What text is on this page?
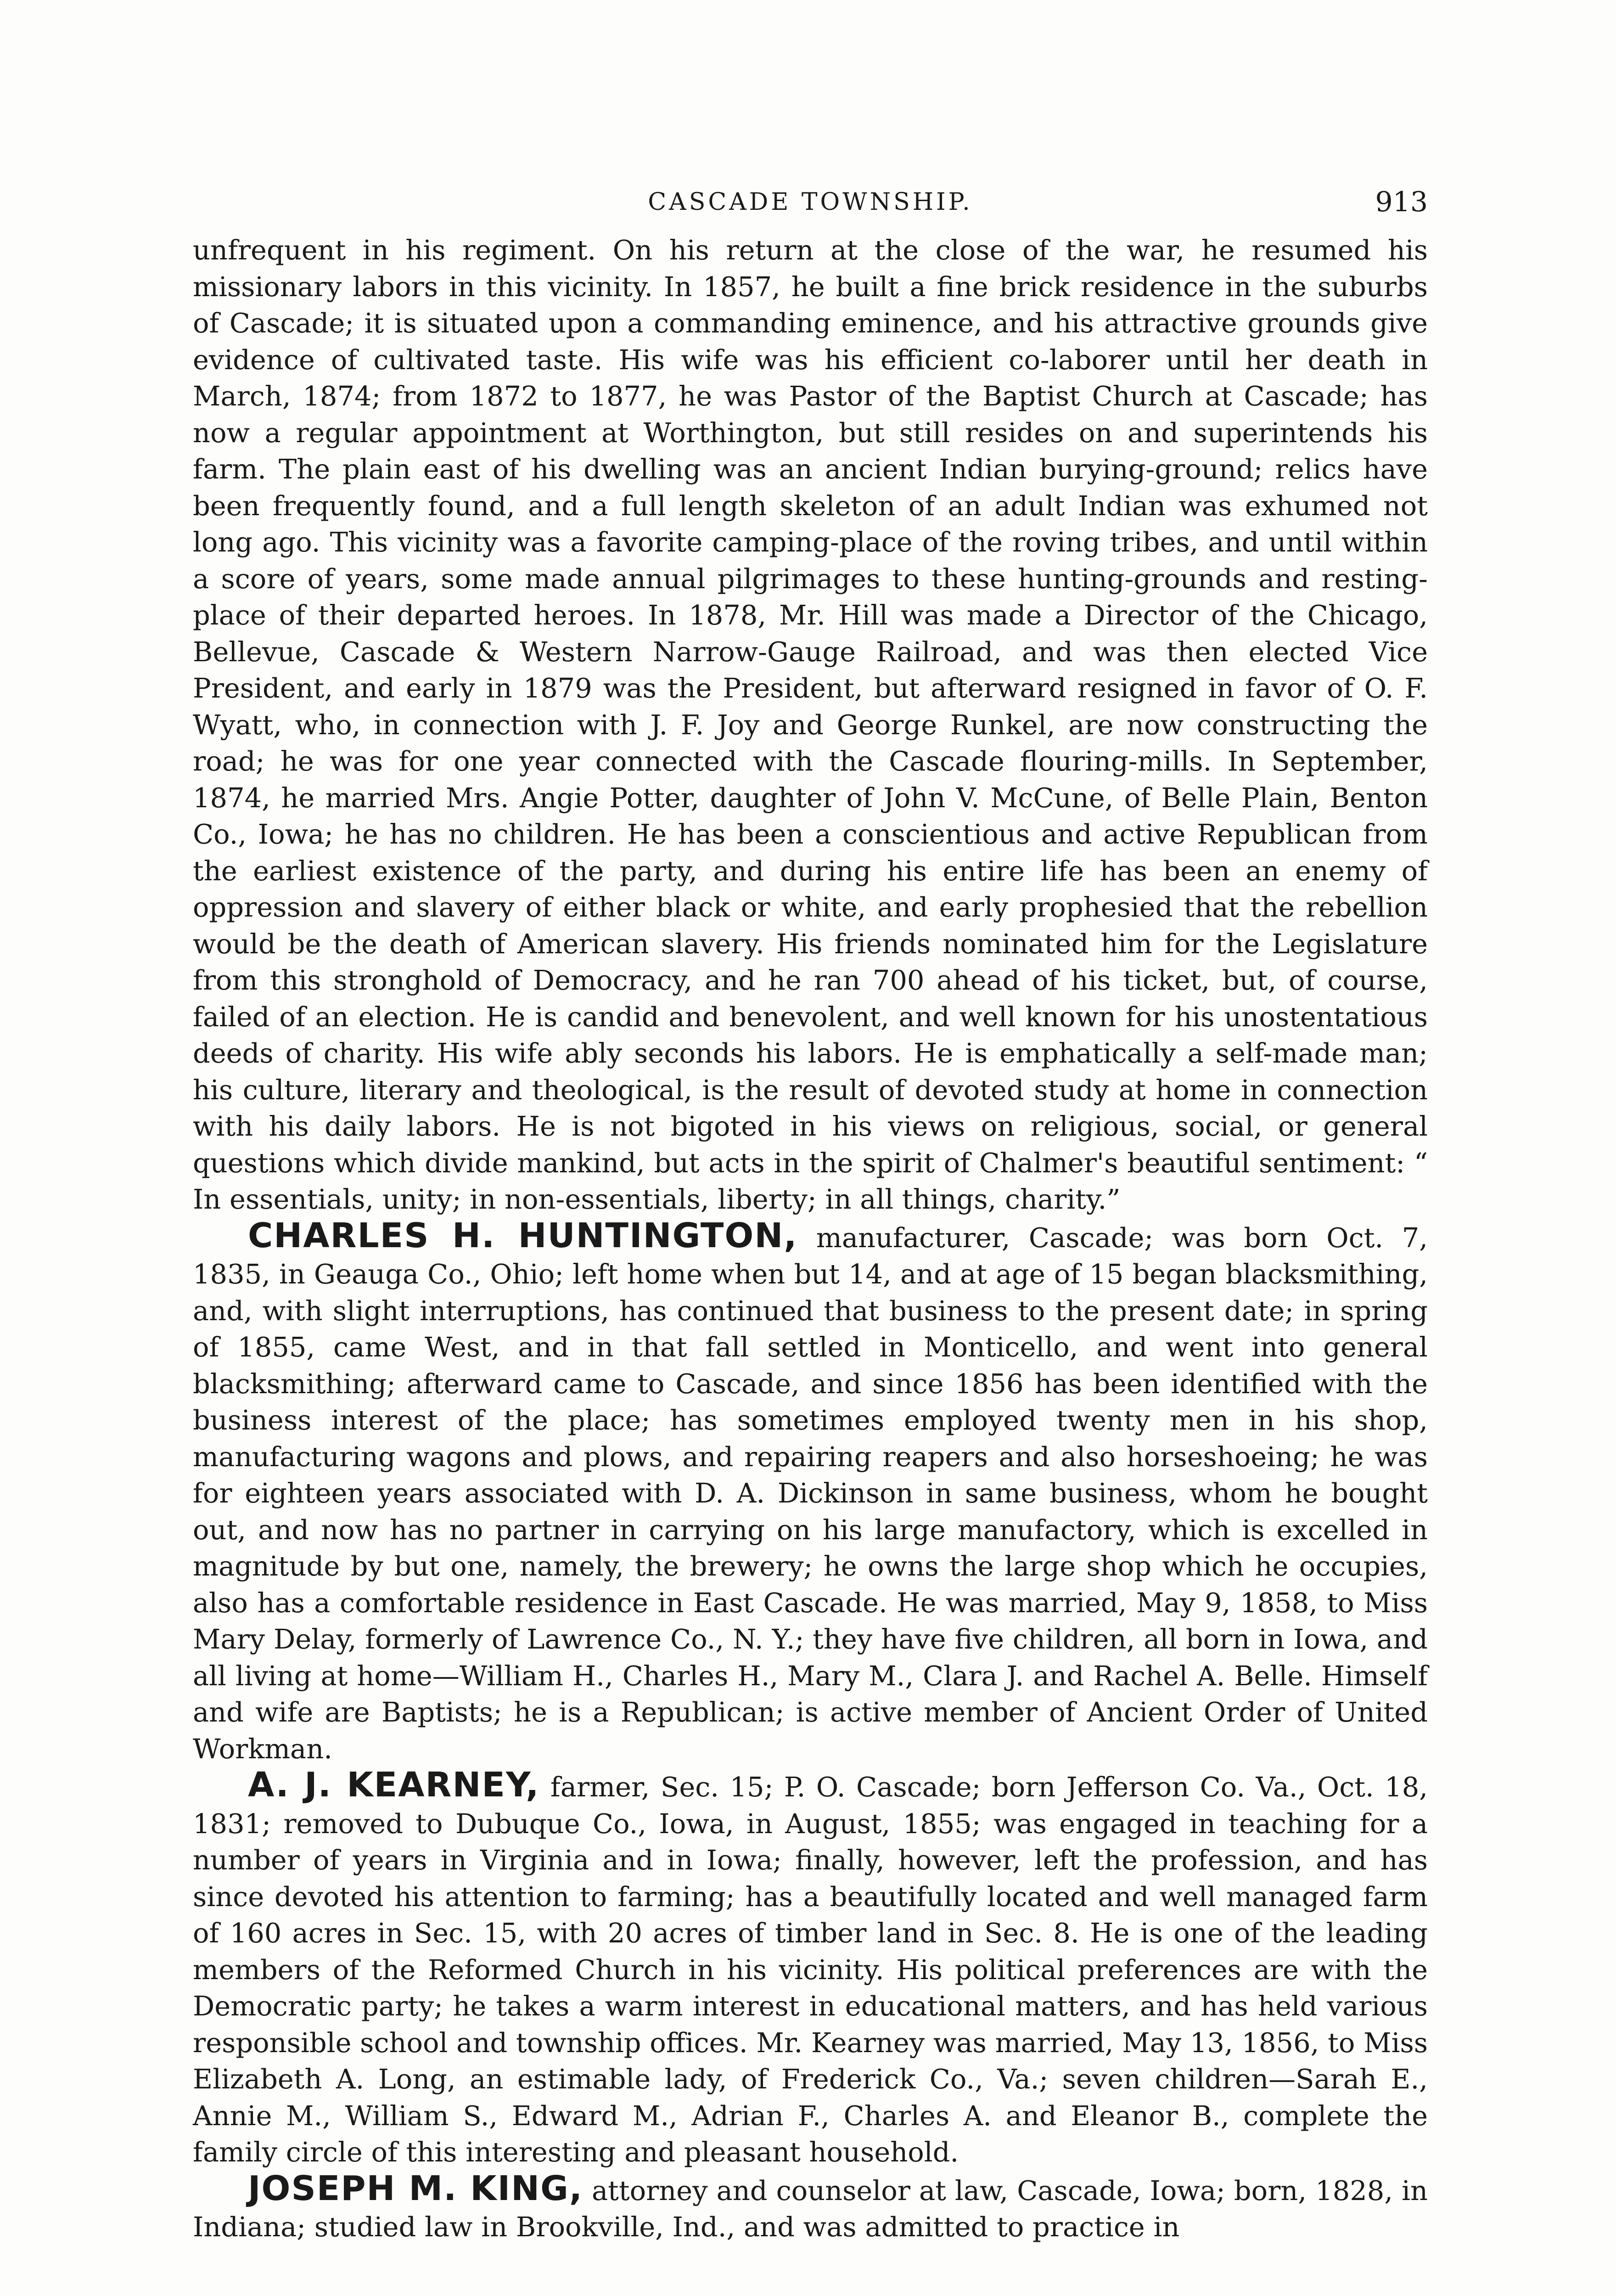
CASCADE TOWNSHIP.	913

unfrequent in his regiment. On his return at the close of the war, he resumed his missionary labors in this vicinity. In 1857, he built a fine brick residence in the suburbs of Cascade; it is situated upon a commanding eminence, and his attractive grounds give evidence of cultivated taste. His wife was his efficient co-laborer until her death in March, 1874; from 1872 to 1877, he was Pastor of the Baptist Church at Cascade; has now a regular appointment at Worthington, but still resides on and superintends his farm. The plain east of his dwelling was an ancient Indian burying-ground; relics have been frequently found, and a full length skeleton of an adult Indian was exhumed not long ago. This vicinity was a favorite camping-place of the roving tribes, and until within a score of years, some made annual pilgrimages to these hunting-grounds and resting-place of their departed heroes. In 1878, Mr. Hill was made a Director of the Chicago, Bellevue, Cascade & Western Narrow-Gauge Railroad, and was then elected Vice President, and early in 1879 was the President, but afterward resigned in favor of O. F. Wyatt, who, in connection with J. F. Joy and George Runkel, are now constructing the road; he was for one year connected with the Cascade flouring-mills. In September, 1874, he married Mrs. Angie Potter, daughter of John V. McCune, of Belle Plain, Benton Co., Iowa; he has no children. He has been a conscientious and active Republican from the earliest existence of the party, and during his entire life has been an enemy of oppression and slavery of either black or white, and early prophesied that the rebellion would be the death of American slavery. His friends nominated him for the Legislature from this stronghold of Democracy, and he ran 700 ahead of his ticket, but, of course, failed of an election. He is candid and benevolent, and well known for his unostentatious deeds of charity. His wife ably seconds his labors. He is emphatically a self-made man; his culture, literary and theological, is the result of devoted study at home in connection with his daily labors. He is not bigoted in his views on religious, social, or general questions which divide mankind, but acts in the spirit of Chalmer's beautiful sentiment: “ In essentials, unity; in non-essentials, liberty; in all things, charity.”

CHARLES H. HUNTINGTON, manufacturer, Cascade; was born Oct. 7, 1835, in Geauga Co., Ohio; left home when but 14, and at age of 15 began blacksmithing, and, with slight interruptions, has continued that business to the present date; in spring of 1855, came West, and in that fall settled in Monticello, and went into general blacksmithing; afterward came to Cascade, and since 1856 has been identified with the business interest of the place; has sometimes employed twenty men in his shop, manufacturing wagons and plows, and repairing reapers and also horseshoeing; he was for eighteen years associated with D. A. Dickinson in same business, whom he bought out, and now has no partner in carrying on his large manufactory, which is excelled in magnitude by but one, namely, the brewery; he owns the large shop which he occupies, also has a comfortable residence in East Cascade. He was married, May 9, 1858, to Miss Mary Delay, formerly of Lawrence Co., N. Y.; they have five children, all born in Iowa, and all living at home—William H., Charles H., Mary M., Clara J. and Rachel A. Belle. Himself and wife are Baptists; he is a Republican; is active member of Ancient Order of United Workman.

A. J. KEARNEY, farmer, Sec. 15; P. O. Cascade; born Jefferson Co. Va., Oct. 18, 1831; removed to Dubuque Co., Iowa, in August, 1855; was engaged in teaching for a number of years in Virginia and in Iowa; finally, however, left the profession, and has since devoted his attention to farming; has a beautifully located and well managed farm of 160 acres in Sec. 15, with 20 acres of timber land in Sec. 8. He is one of the leading members of the Reformed Church in his vicinity. His political preferences are with the Democratic party; he takes a warm interest in educational matters, and has held various responsible school and township offices. Mr. Kearney was married, May 13, 1856, to Miss Elizabeth A. Long, an estimable lady, of Frederick Co., Va.; seven children—Sarah E., Annie M., William S., Edward M., Adrian F., Charles A. and Eleanor B., complete the family circle of this interesting and pleasant household.

JOSEPH M. KING, attorney and counselor at law, Cascade, Iowa; born, 1828, in Indiana; studied law in Brookville, Ind., and was admitted to practice in
